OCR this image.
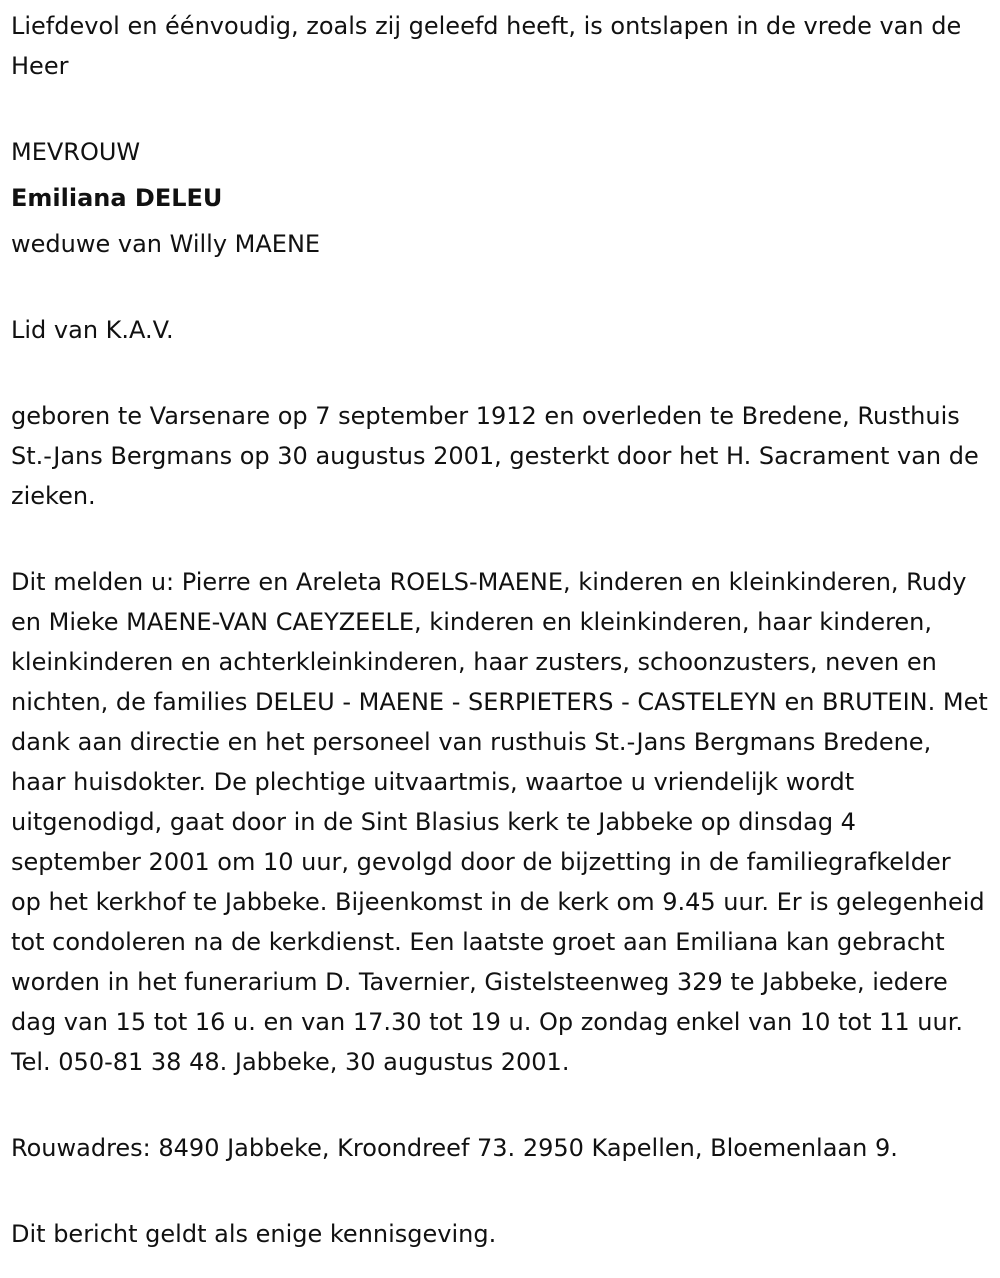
Liefdevol en éénvoudig, zoals zij geleefd heeft, is ontslapen in de vrede van de Heer

MEVROUW

Emiliana DELEU

weduwe van Willy MAENE

Lid van K.A.V.

geboren te Varsenare op 7 september 1912 en overleden te Bredene, Rusthuis St.-Jans Bergmans op 30 augustus 2001, gesterkt door het H. Sacrament van de zieken.

Dit melden u: Pierre en Areleta ROELS-MAENE, kinderen en kleinkinderen, Rudy en Mieke MAENE-VAN CAEYZEELE, kinderen en kleinkinderen, haar kinderen, kleinkinderen en achterkleinkinderen, haar zusters, schoonzusters, neven en nichten, de families DELEU - MAENE - SERPIETERS - CASTELEYN en BRUTEIN. Met dank aan directie en het personeel van rusthuis St.-Jans Bergmans Bredene, haar huisdokter. De plechtige uitvaartmis, waartoe u vriendelijk wordt uitgenodigd, gaat door in de Sint Blasius kerk te Jabbeke op dinsdag 4 september 2001 om 10 uur, gevolgd door de bijzetting in de familiegrafkelder op het kerkhof te Jabbeke. Bijeenkomst in de kerk om 9.45 uur. Er is gelegenheid tot condoleren na de kerkdienst. Een laatste groet aan Emiliana kan gebracht worden in het funerarium D. Tavernier, Gistelsteenweg 329 te Jabbeke, iedere dag van 15 tot 16 u. en van 17.30 tot 19 u. Op zondag enkel van 10 tot 11 uur. Tel. 050-81 38 48. Jabbeke, 30 augustus 2001.

Rouwadres: 8490 Jabbeke, Kroondreef 73. 2950 Kapellen, Bloemenlaan 9.

Dit bericht geldt als enige kennisgeving.
